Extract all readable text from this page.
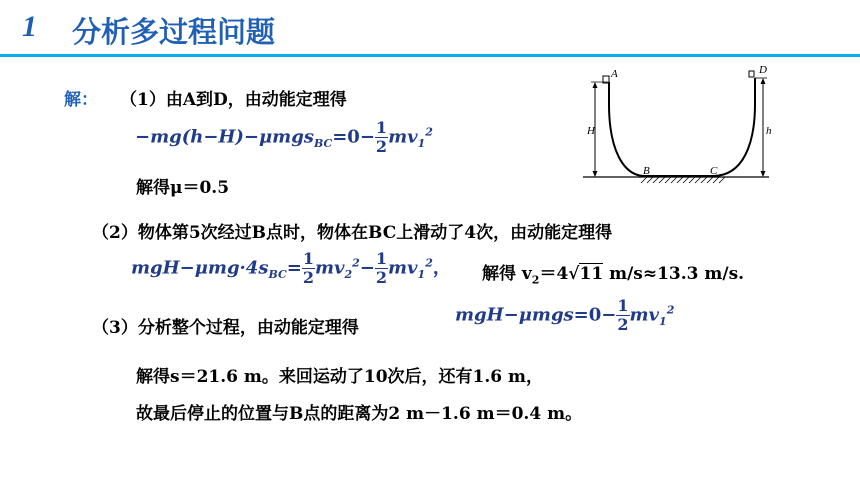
1 分析多过程问题
解： （1）由A到D，由动能定理得
$-mg(h-H)-\mu mgs_{BC}=0- \frac{1}{2} mv_1^2$
解得μ＝0.5
A	D
B	C
H	h
（2）物体第5次经过B点时，物体在BC上滑动了4次，由动能定理得
$mgH-\mu mg\cdot 4s_{BC}= \frac{1}{2} mv_2^2- \frac{1}{2} mv_1^2$， 解得 $v_2=4√11$ m/s≈13.3 m/s.
（3）分析整个过程，由动能定理得
$mgH-\mu mgs=0- \frac{1}{2} mv_1^2$
解得s＝21.6 m。来回运动了10次后，还有1.6 m，
故最后停止的位置与B点的距离为2 m－1.6 m＝0.4 m。
